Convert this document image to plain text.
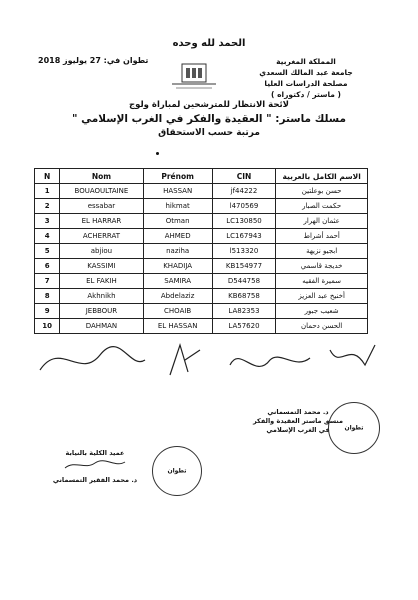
الحمد لله وحده
المملكة المغربية
جامعة عبد المالك السعدي
مصلحة الدراسات العليا
( ماستر / دكتوراه )
تطوان في: 27 يوليوز 2018
لائحة الانتظار للمترشحين لمباراة ولوج
مسلك ماستر: " العقيدة والفكر في الغرب الإسلامي "
مرتبة حسب الاستحقاق
N	Nom	Prénom	CIN	الاسم الكامل بالعربية
1	BOUAOULTAINE	HASSAN	jf44222	حسن بوعلتين
2	essabar	hikmat	l470569	حكمت الصبار
3	EL HARRAR	Otman	LC130850	عثمان الهرار
4	ACHERRAT	AHMED	LC167943	أحمد أشراط
5	abjiou	naziha	l513320	ابجيو نزيهة
6	KASSIMI	KHADIJA	KB154977	خديجة قاسمي
7	EL FAKIH	SAMIRA	D544758	سميرة الفقيه
8	Akhnikh	Abdelaziz	KB68758	أخنيخ عبد العزيز
9	JEBBOUR	CHOAIB	LA82353	شعيب جبور
10	DAHMAN	EL HASSAN	LA57620	الحسن دحمان
د. محمد التمسماني
منسق ماستر العقيدة والفكر
في الغرب الإسلامي	تطوان
تطوان
عميد الكلية بالنيابة
د. محمد الفقير التمسماني
